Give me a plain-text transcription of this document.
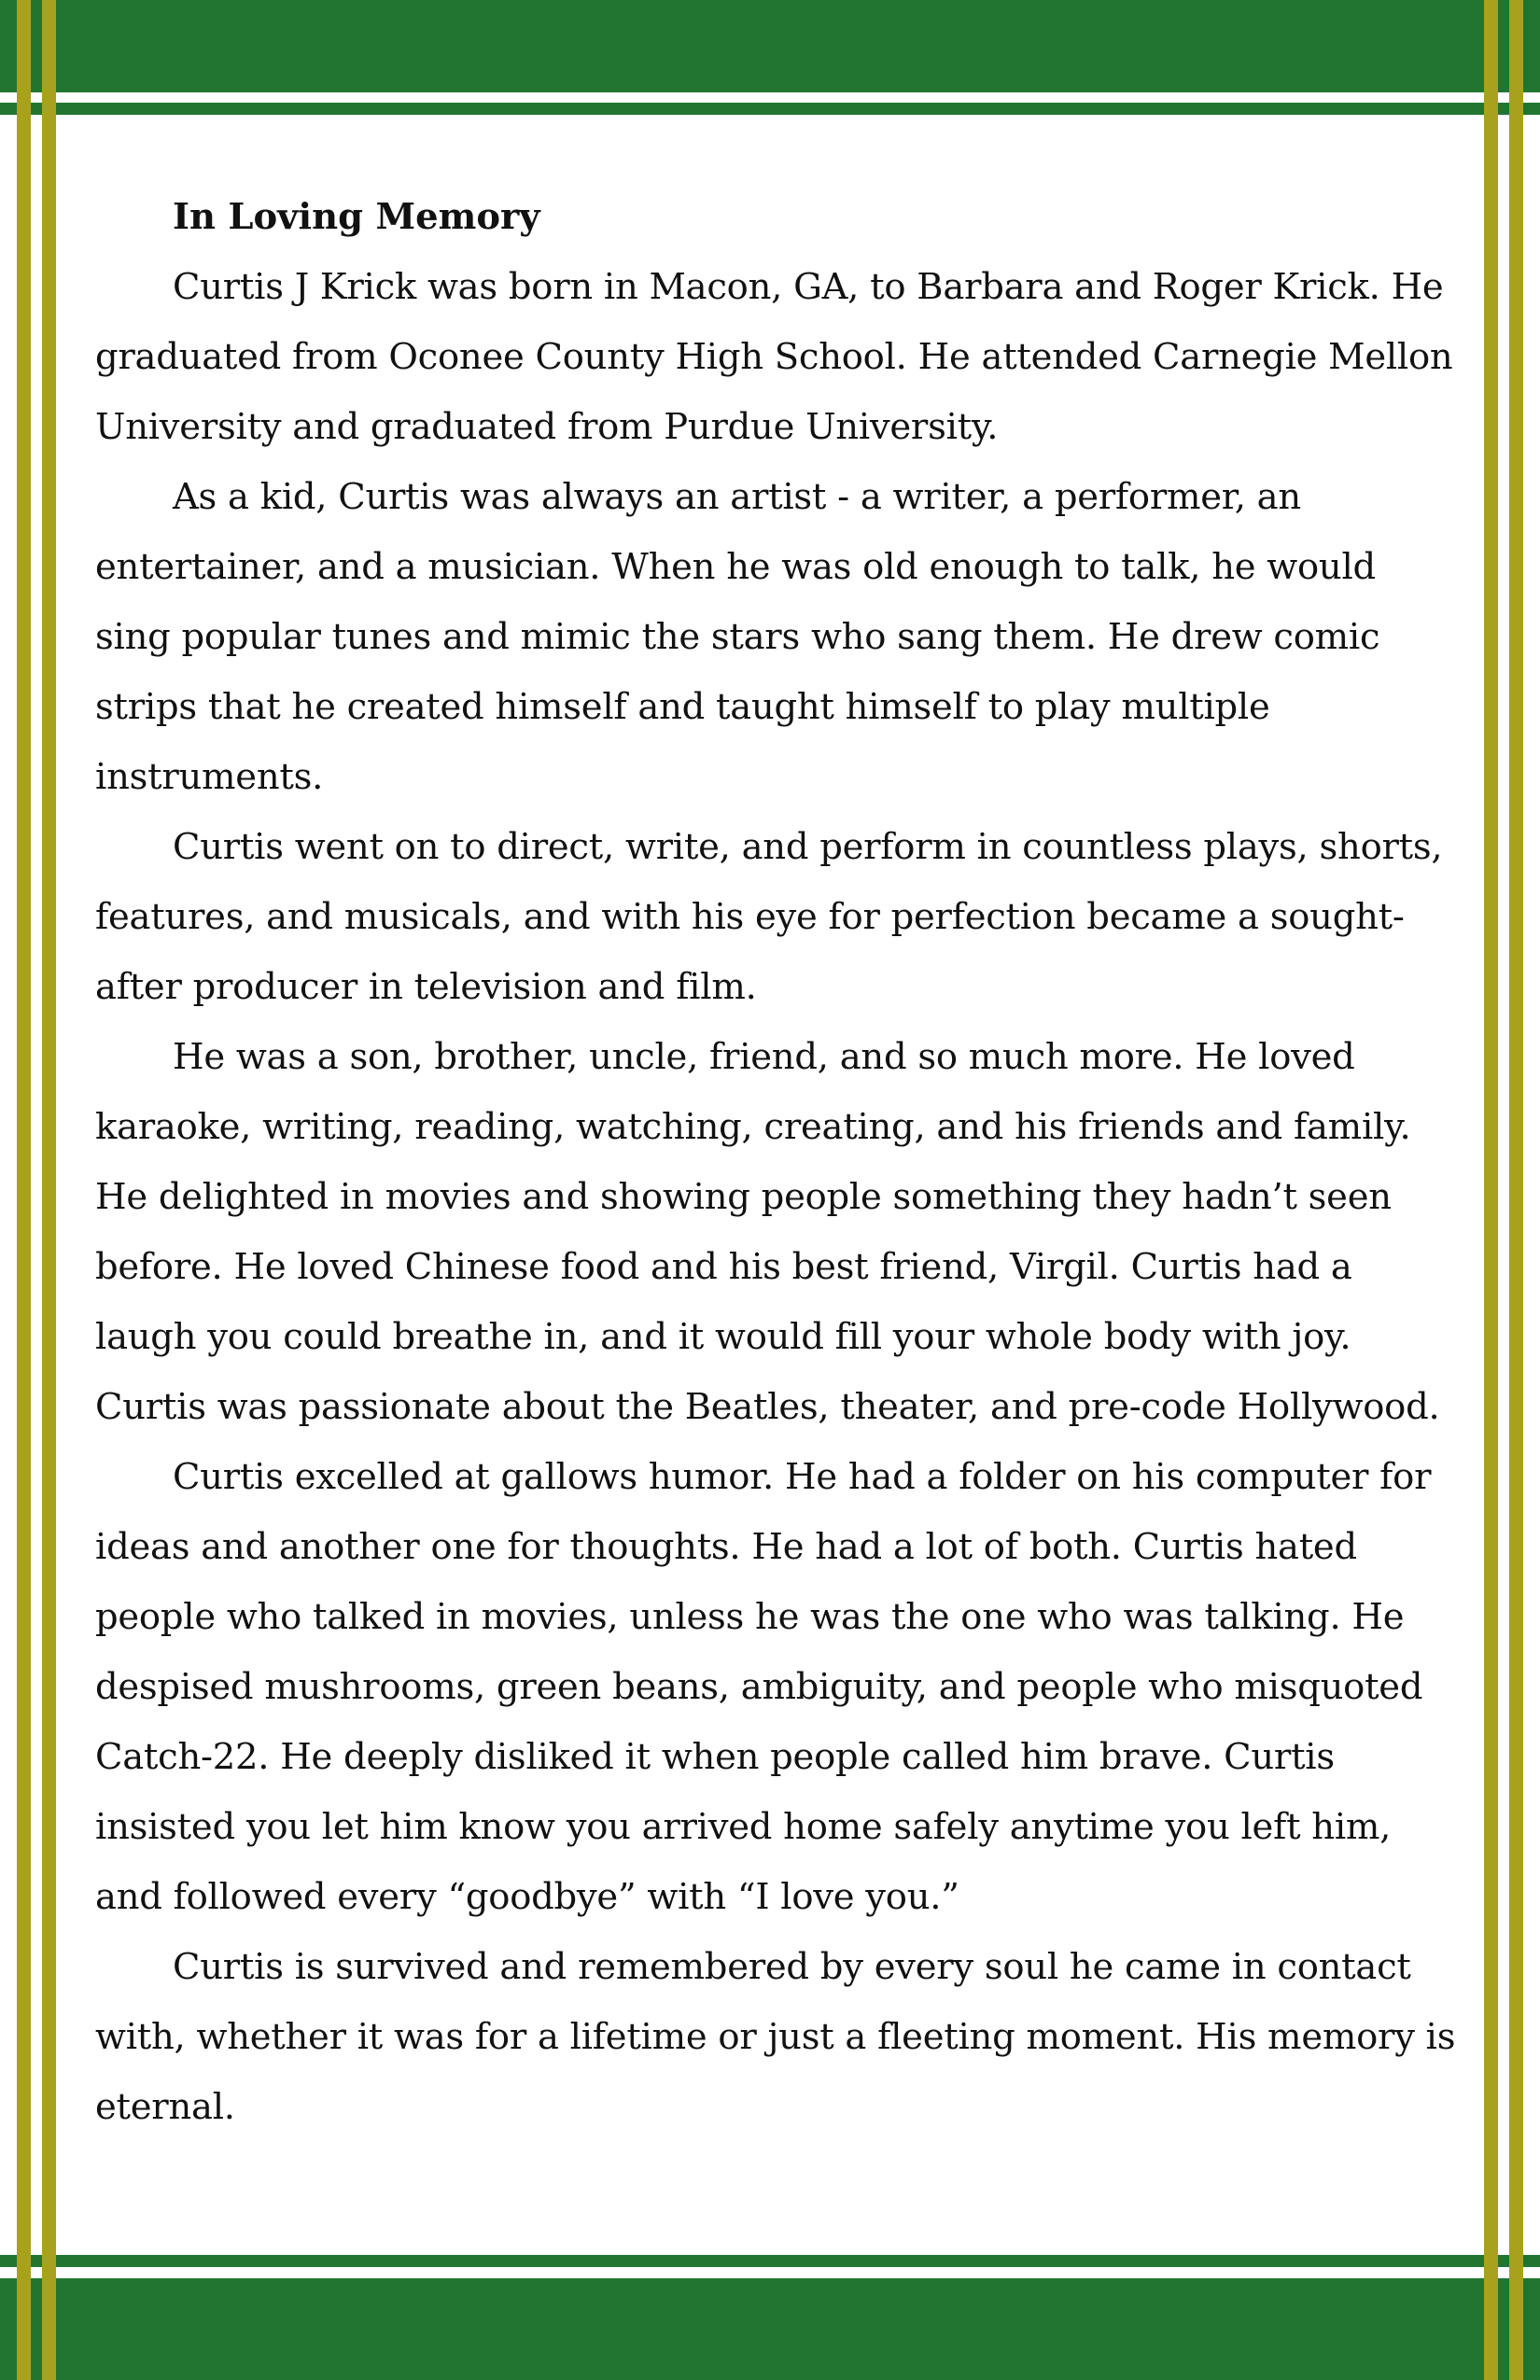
In Loving Memory

Curtis J Krick was born in Macon, GA, to Barbara and Roger Krick. He graduated from Oconee County High School. He attended Carnegie Mellon University and graduated from Purdue University.

As a kid, Curtis was always an artist - a writer, a performer, an entertainer, and a musician. When he was old enough to talk, he would sing popular tunes and mimic the stars who sang them. He drew comic strips that he created himself and taught himself to play multiple instruments.

Curtis went on to direct, write, and perform in countless plays, shorts, features, and musicals, and with his eye for perfection became a sought-after producer in television and film.

He was a son, brother, uncle, friend, and so much more. He loved karaoke, writing, reading, watching, creating, and his friends and family. He delighted in movies and showing people something they hadn’t seen before. He loved Chinese food and his best friend, Virgil. Curtis had a laugh you could breathe in, and it would fill your whole body with joy. Curtis was passionate about the Beatles, theater, and pre-code Hollywood.

Curtis excelled at gallows humor. He had a folder on his computer for ideas and another one for thoughts. He had a lot of both. Curtis hated people who talked in movies, unless he was the one who was talking. He despised mushrooms, green beans, ambiguity, and people who misquoted Catch-22. He deeply disliked it when people called him brave. Curtis insisted you let him know you arrived home safely anytime you left him, and followed every “goodbye” with “I love you.”

Curtis is survived and remembered by every soul he came in contact with, whether it was for a lifetime or just a fleeting moment. His memory is eternal.
